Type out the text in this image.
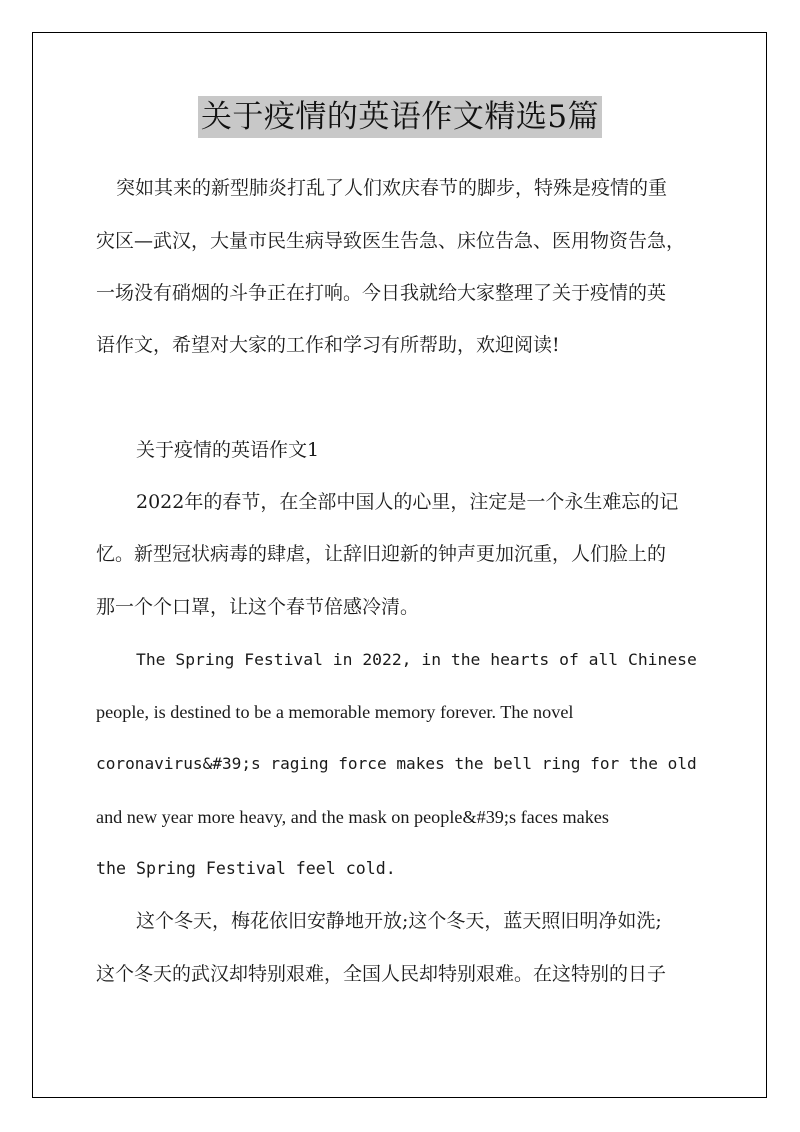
关于疫情的英语作文精选5篇
突如其来的新型肺炎打乱了人们欢庆春节的脚步，特殊是疫情的重
灾区—武汉，大量市民生病导致医生告急、床位告急、医用物资告急，
一场没有硝烟的斗争正在打响。今日我就给大家整理了关于疫情的英
语作文，希望对大家的工作和学习有所帮助，欢迎阅读!
关于疫情的英语作文1
2022年的春节，在全部中国人的心里，注定是一个永生难忘的记
忆。新型冠状病毒的肆虐，让辞旧迎新的钟声更加沉重，人们脸上的
那一个个口罩，让这个春节倍感冷清。
The Spring Festival in 2022, in the hearts of all Chinese
people, is destined to be a memorable memory forever. The novel
coronavirus&#39;s raging force makes the bell ring for the old
and new year more heavy, and the mask on people&#39;s faces makes
the Spring Festival feel cold.
这个冬天，梅花依旧安静地开放;这个冬天，蓝天照旧明净如洗;
这个冬天的武汉却特别艰难，全国人民却特别艰难。在这特别的日子
